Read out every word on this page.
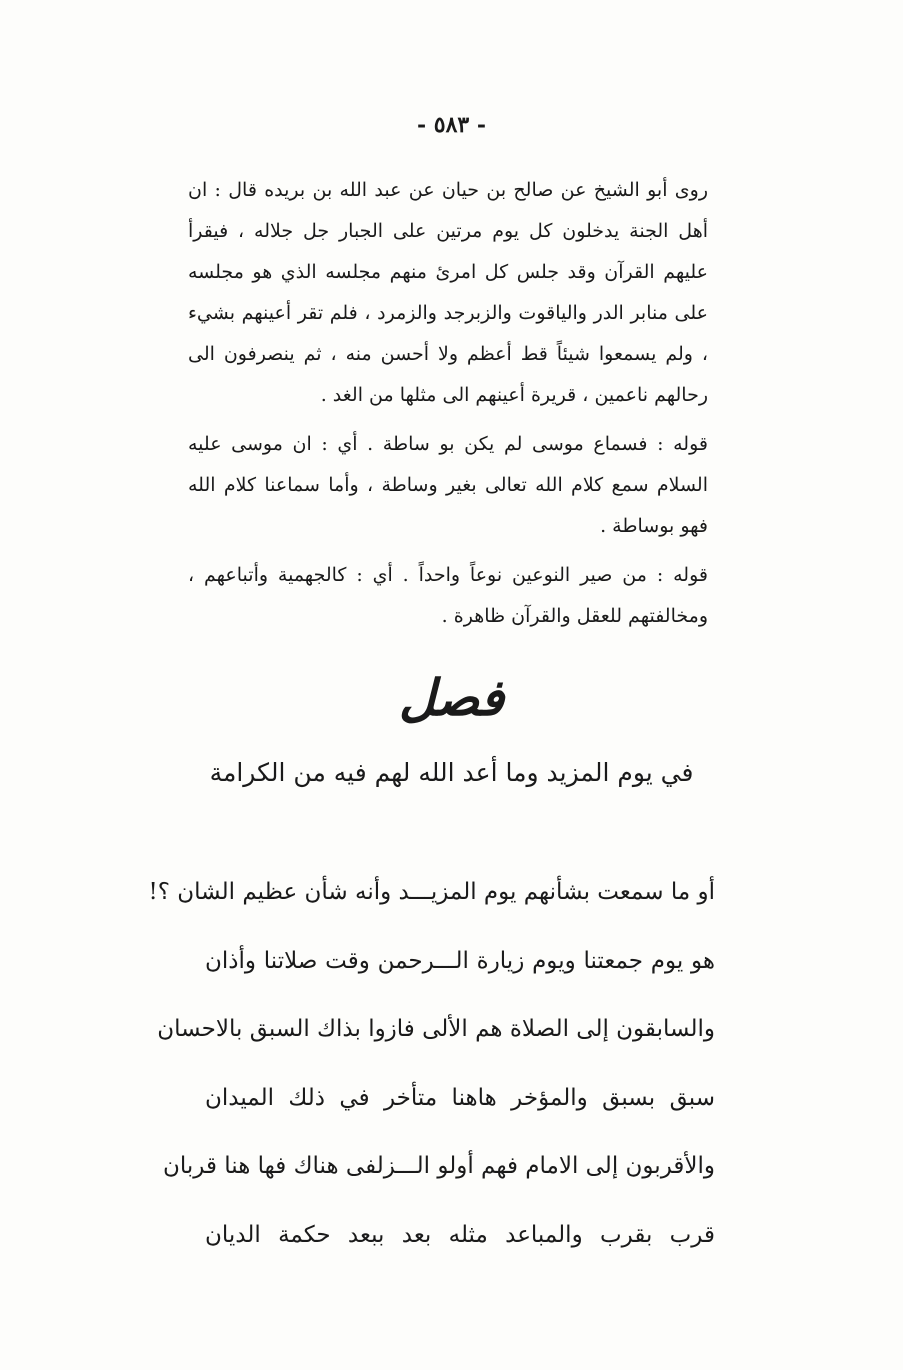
- ٥٨٣ -

روى أبو الشيخ عن صالح بن حيان عن عبد الله بن بريده قال : ان أهل الجنة يدخلون كل يوم مرتين على الجبار جل جلاله ، فيقرأ عليهم القرآن وقد جلس كل امرئ منهم مجلسه الذي هو مجلسه على منابر الدر والياقوت والزبرجد والزمرد ، فلم تقر أعينهم بشيء ، ولم يسمعوا شيئاً قط أعظم ولا أحسن منه ، ثم ينصرفون الى رحالهم ناعمين ، قريرة أعينهم الى مثلها من الغد .

قوله : فسماع موسى لم يكن بو ساطة . أي : ان موسى عليه السلام سمع كلام الله تعالى بغير وساطة ، وأما سماعنا كلام الله فهو بوساطة .

قوله : من صير النوعين نوعاً واحداً . أي : كالجهمية وأتباعهم ، ومخالفتهم للعقل والقرآن ظاهرة .

فصل
في يوم المزيد وما أعد الله لهم فيه من الكرامة
أو ما سمعت بشأنهم يوم المزيـــد وأنه شأن عظيم الشان ؟!
هو يوم جمعتنا ويوم زيارة الـــرحمن وقت صلاتنا وأذان
والسابقون إلى الصلاة هم الألى فازوا بذاك السبق بالاحسان
سبق بسبق والمؤخر هاهنا متأخر في ذلك الميدان
والأقربون إلى الامام فهم أولو الـــزلفى هناك فها هنا قربان
قرب بقرب والمباعد مثله بعد ببعد حكمة الديان
